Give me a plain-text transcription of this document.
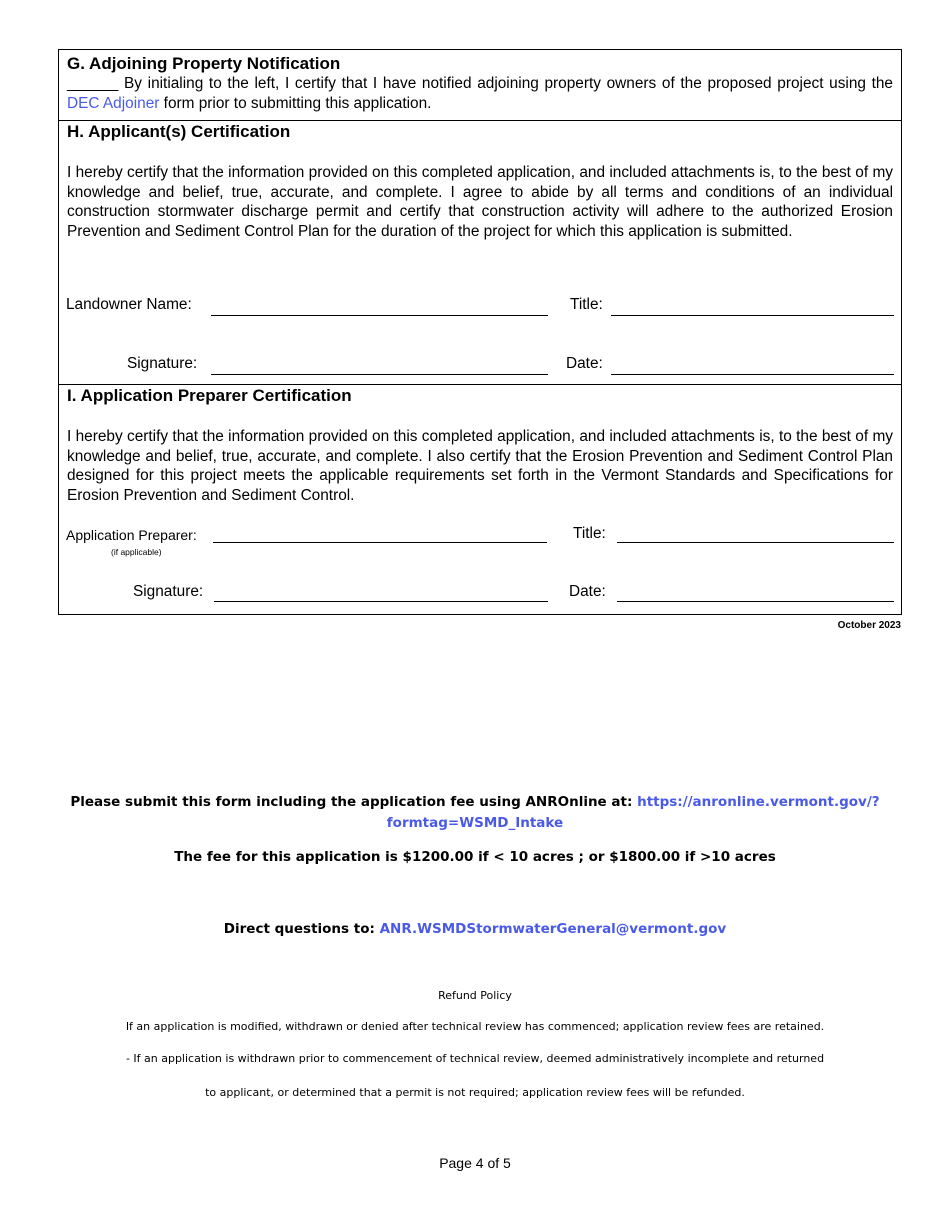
G. Adjoining Property Notification
______ By initialing to the left, I certify that I have notified adjoining property owners of the proposed project using the DEC Adjoiner form prior to submitting this application.
H. Applicant(s) Certification
I hereby certify that the information provided on this completed application, and included attachments is, to the best of my knowledge and belief, true, accurate, and complete. I agree to abide by all terms and conditions of an individual construction stormwater discharge permit and certify that construction activity will adhere to the authorized Erosion Prevention and Sediment Control Plan for the duration of the project for which this application is submitted.
Landowner Name:	Title:
Signature:	Date:
I. Application Preparer Certification
I hereby certify that the information provided on this completed application, and included attachments is, to the best of my knowledge and belief, true, accurate, and complete. I also certify that the Erosion Prevention and Sediment Control Plan designed for this project meets the applicable requirements set forth in the Vermont Standards and Specifications for Erosion Prevention and Sediment Control.
Application Preparer:	Title:
(if applicable)
Signature:	Date:
October 2023
Please submit this form including the application fee using ANROnline at: https://anronline.vermont.gov/?
formtag=WSMD_Intake
The fee for this application is $1200.00 if < 10 acres ; or $1800.00 if >10 acres
Direct questions to: ANR.WSMDStormwaterGeneral@vermont.gov
Refund Policy
If an application is modified, withdrawn or denied after technical review has commenced; application review fees are retained.
- If an application is withdrawn prior to commencement of technical review, deemed administratively incomplete and returned
to applicant, or determined that a permit is not required; application review fees will be refunded.
Page 4 of 5
